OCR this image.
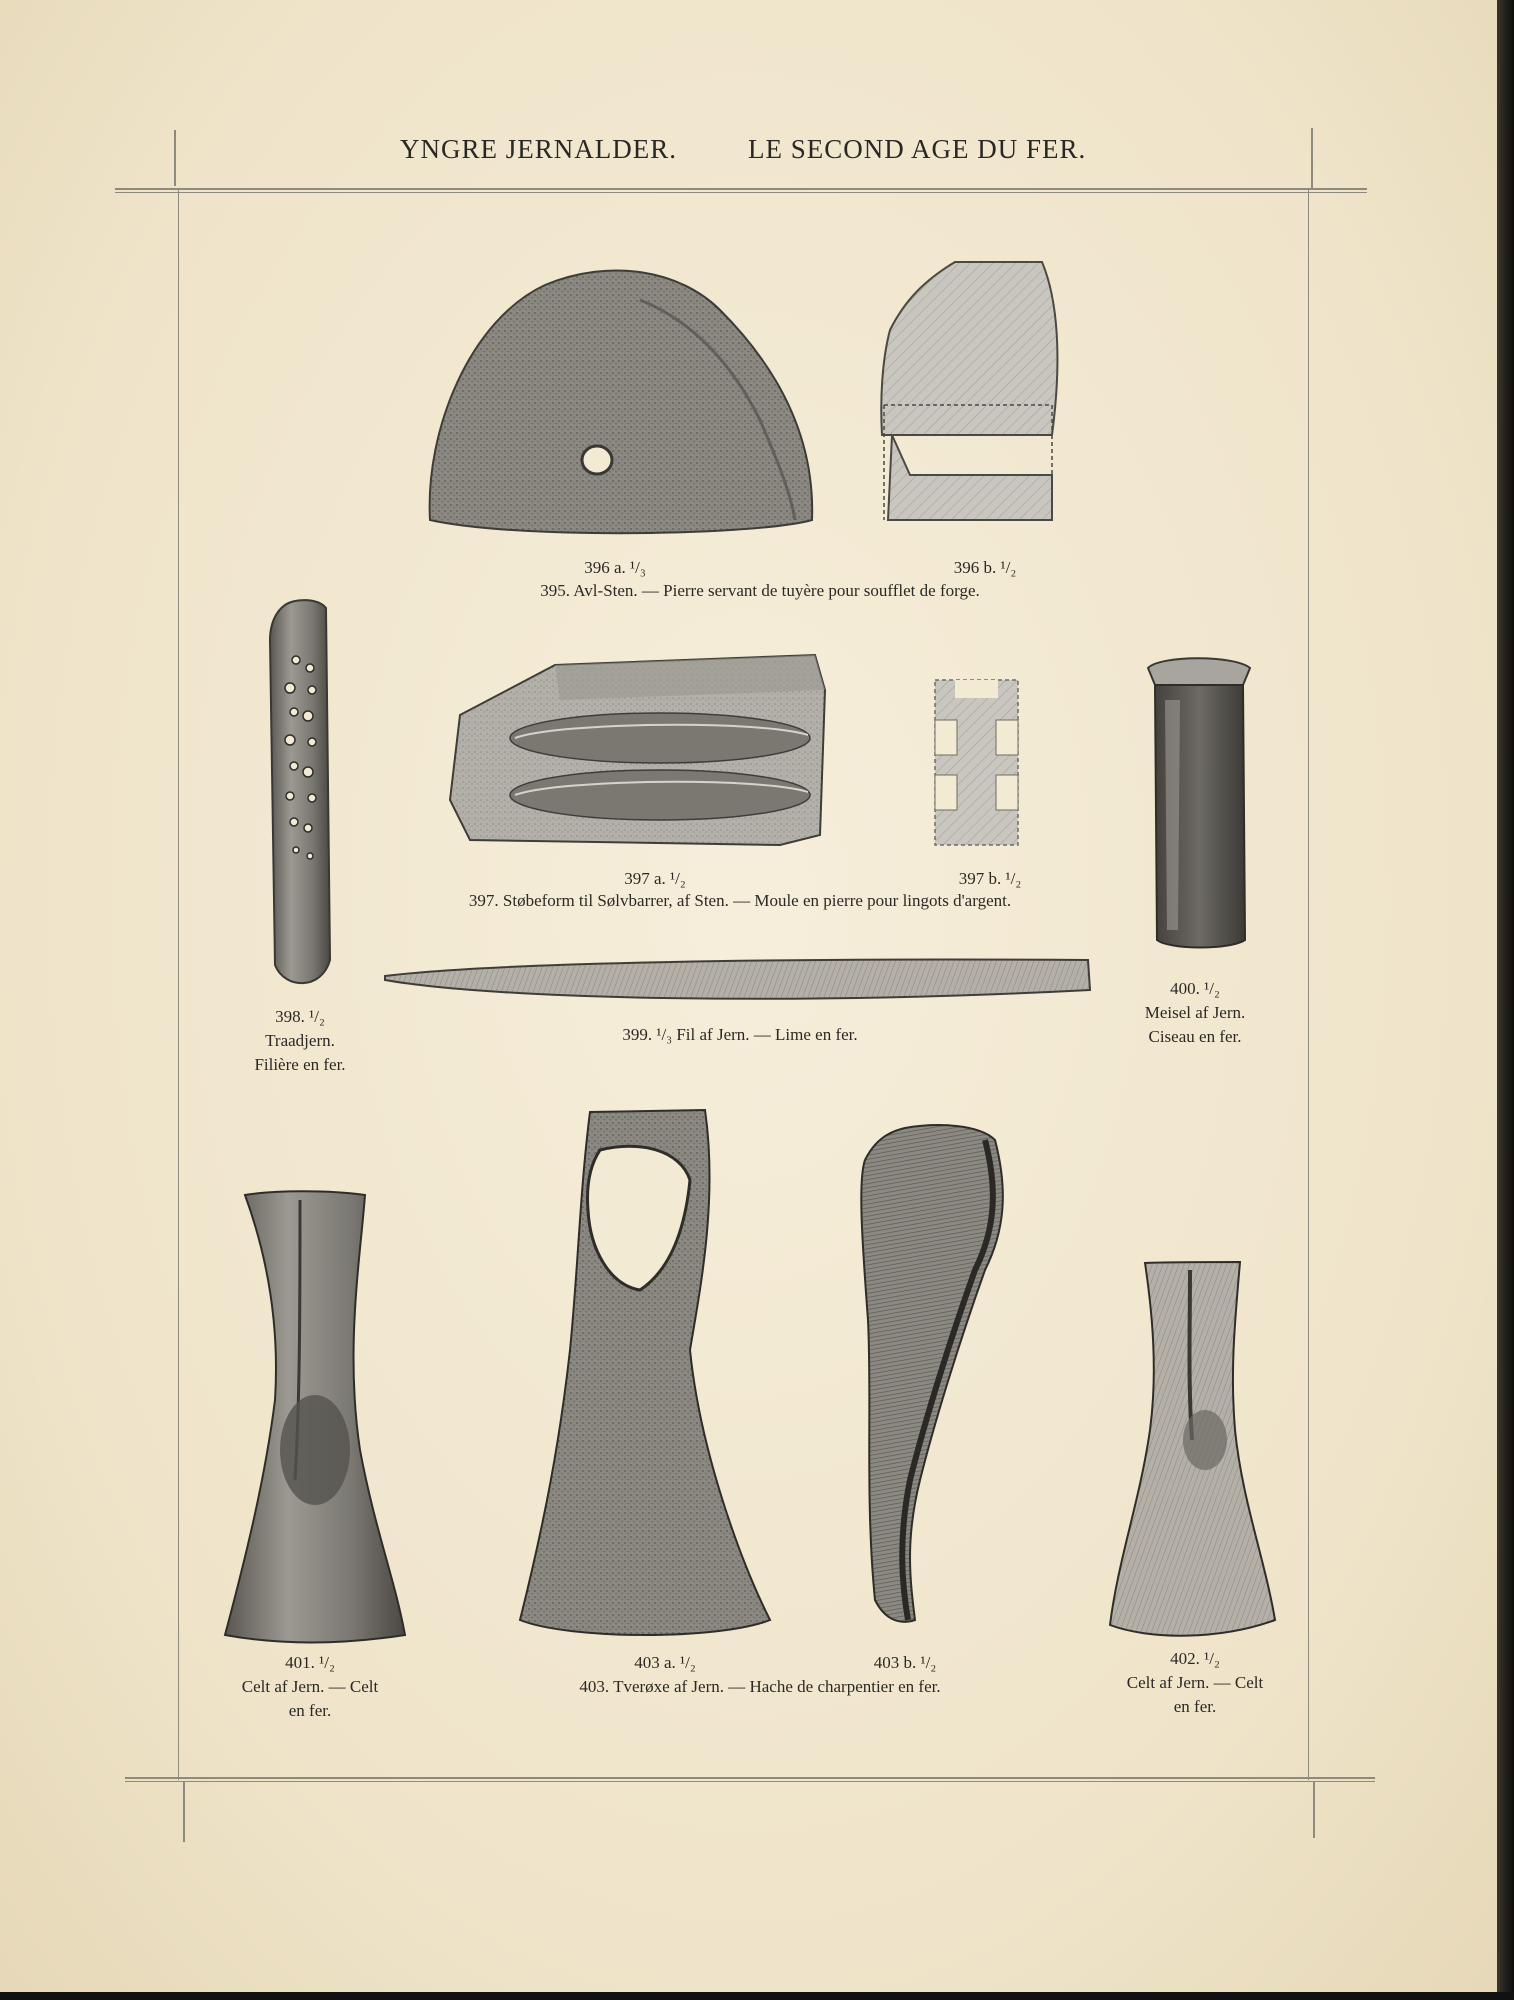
YNGRE JERNALDER.	LE SECOND AGE DU FER.
396 a. ¹/₃	396 b. ¹/₂
395. Avl-Sten. — Pierre servant de tuyère pour soufflet de forge.
397 a. ¹/₂	397 b. ¹/₂
397. Støbeform til Sølvbarrer, af Sten. — Moule en pierre pour lingots d'argent.
398. ¹/₂
Traadjern.
Filière en fer.
399. ¹/₃ Fil af Jern. — Lime en fer.
400. ¹/₂
Meisel af Jern.
Ciseau en fer.
401. ¹/₂
Celt af Jern. — Celt
en fer.
403 a. ¹/₂	403 b. ¹/₂
403. Tverøxe af Jern. — Hache de charpentier en fer.
402. ¹/₂
Celt af Jern. — Celt
en fer.
